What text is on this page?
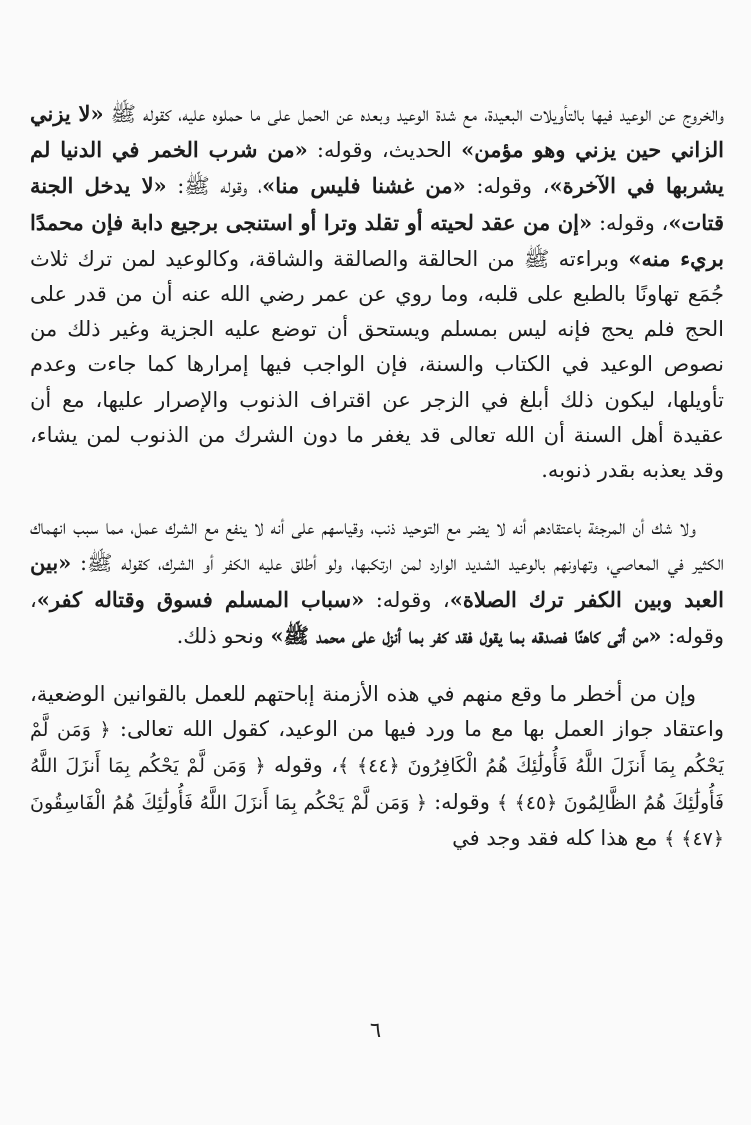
والخروج عن الوعيد فيها بالتأويلات البعيدة، مع شدة الوعيد وبعده عن الحمل على ما حملوه عليه، كقوله ﷺ «لا يزني الزاني حين يزني وهو مؤمن» الحديث، وقوله: «من شرب الخمر في الدنيا لم يشربها في الآخرة»، وقوله: «من غشنا فليس منا»، وقوله ﷺ: «لا يدخل الجنة قتات»، وقوله: «إن من عقد لحيته أو تقلد وترا أو استنجى برجيع دابة فإن محمدًا بريء منه» وبراءته ﷺ من الحالقة والصالقة والشاقة، وكالوعيد لمن ترك ثلاث جُمَع تهاونًا بالطبع على قلبه، وما روي عن عمر رضي الله عنه أن من قدر على الحج فلم يحج فإنه ليس بمسلم ويستحق أن توضع عليه الجزية وغير ذلك من نصوص الوعيد في الكتاب والسنة، فإن الواجب فيها إمرارها كما جاءت وعدم تأويلها، ليكون ذلك أبلغ في الزجر عن اقتراف الذنوب والإصرار عليها، مع أن عقيدة أهل السنة أن الله تعالى قد يغفر ما دون الشرك من الذنوب لمن يشاء، وقد يعذبه بقدر ذنوبه.

ولا شك أن المرجئة باعتقادهم أنه لا يضر مع التوحيد ذنب، وقياسهم على أنه لا ينفع مع الشرك عمل، مما سبب انهماك الكثير في المعاصي، وتهاونهم بالوعيد الشديد الوارد لمن ارتكبها، ولو أطلق عليه الكفر أو الشرك، كقوله ﷺ: «بين العبد وبين الكفر ترك الصلاة»، وقوله: «سباب المسلم فسوق وقتاله كفر»، وقوله: «من أتى كاهنًا فصدقه بما يقول فقد كفر بما أنزل على محمد ﷺ» ونحو ذلك.

وإن من أخطر ما وقع منهم في هذه الأزمنة إباحتهم للعمل بالقوانين الوضعية، واعتقاد جواز العمل بها مع ما ورد فيها من الوعيد، كقول الله تعالى: ﴿ وَمَن لَّمْ يَحْكُم بِمَا أَنزَلَ اللَّهُ فَأُولَٰئِكَ هُمُ الْكَافِرُونَ ﴿٤٤﴾ ﴾، وقوله ﴿ وَمَن لَّمْ يَحْكُم بِمَا أَنزَلَ اللَّهُ فَأُولَٰئِكَ هُمُ الظَّالِمُونَ ﴿٤٥﴾ ﴾ وقوله: ﴿ وَمَن لَّمْ يَحْكُم بِمَا أَنزَلَ اللَّهُ فَأُولَٰئِكَ هُمُ الْفَاسِقُونَ ﴿٤٧﴾ ﴾ مع هذا كله فقد وجد في

٦
